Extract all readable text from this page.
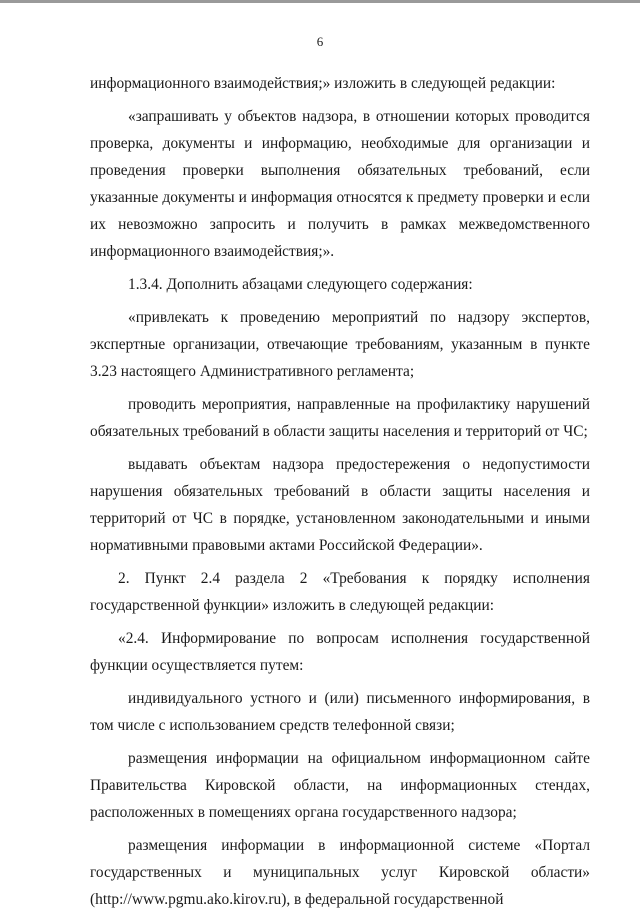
6

информационного взаимодействия;» изложить в следующей редакции:

«запрашивать у объектов надзора, в отношении которых проводится проверка, документы и информацию, необходимые для организации и проведения проверки выполнения обязательных требований, если указанные документы и информация относятся к предмету проверки и если их невозможно запросить и получить в рамках межведомственного информационного взаимодействия;».

1.3.4. Дополнить абзацами следующего содержания:

«привлекать к проведению мероприятий по надзору экспертов, экспертные организации, отвечающие требованиям, указанным в пункте 3.23 настоящего Административного регламента;

проводить мероприятия, направленные на профилактику нарушений обязательных требований в области защиты населения и территорий от ЧС;

выдавать объектам надзора предостережения о недопустимости нарушения обязательных требований в области защиты населения и территорий от ЧС в порядке, установленном законодательными и иными нормативными правовыми актами Российской Федерации».

2. Пункт 2.4 раздела 2 «Требования к порядку исполнения государственной функции» изложить в следующей редакции:

«2.4. Информирование по вопросам исполнения государственной функции осуществляется путем:

индивидуального устного и (или) письменного информирования, в том числе с использованием средств телефонной связи;

размещения информации на официальном информационном сайте Правительства Кировской области, на информационных стендах, расположенных в помещениях органа государственного надзора;

размещения информации в информационной системе «Портал государственных и муниципальных услуг Кировской области» (http://www.pgmu.ako.kirov.ru), в федеральной государственной
